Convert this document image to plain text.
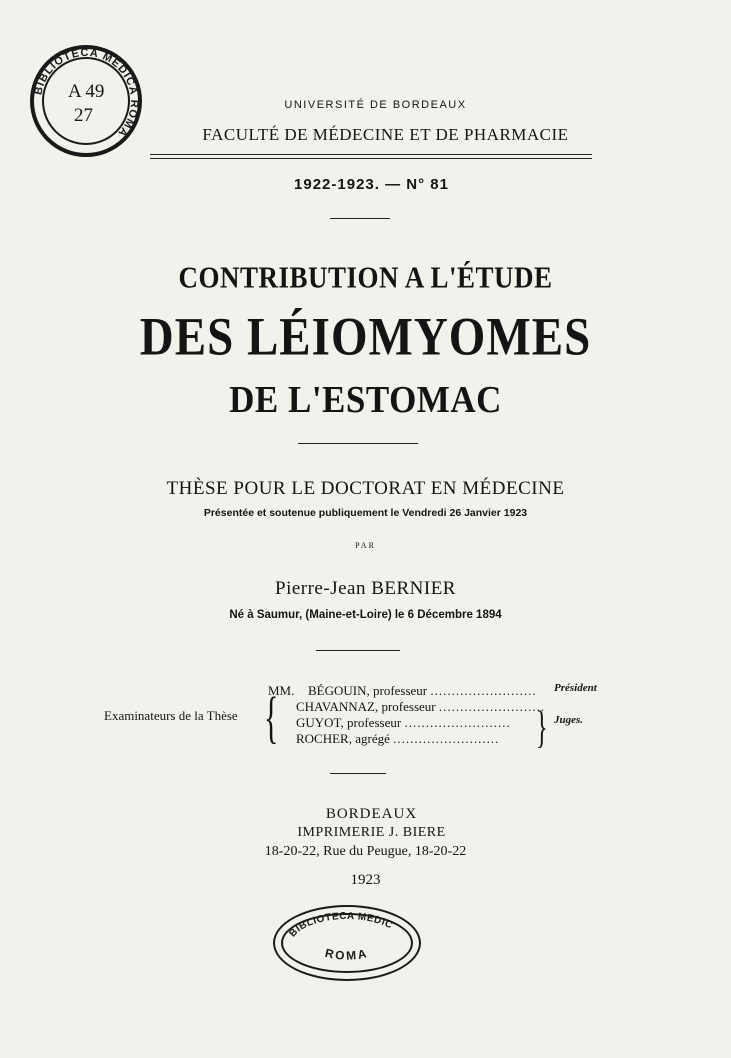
BIBLIOTECA MEDICA ROMA
A 49
27	UNIVERSITÉ DE BORDEAUX
FACULTÉ DE MÉDECINE ET DE PHARMACIE
1922-1923. — N° 81
CONTRIBUTION A L'ÉTUDE
DES LÉIOMYOMES
DE L'ESTOMAC
THÈSE POUR LE DOCTORAT EN MÉDECINE
Présentée et soutenue publiquement le Vendredi 26 Janvier 1923
PAR
Pierre-Jean BERNIER
Né à Saumur, (Maine-et-Loire) le 6 Décembre 1894
Examinateurs de la Thèse {
MM. BÉGOUIN, professeur .........................
CHAVANNAZ, professeur .........................
GUYOT, professeur .........................
ROCHER, agrégé ......................... }
Président
Juges.
BORDEAUX
IMPRIMERIE J. BIERE
18-20-22, Rue du Peugue, 18-20-22
1923
BIBLIOTECA MEDIC
ROMA
